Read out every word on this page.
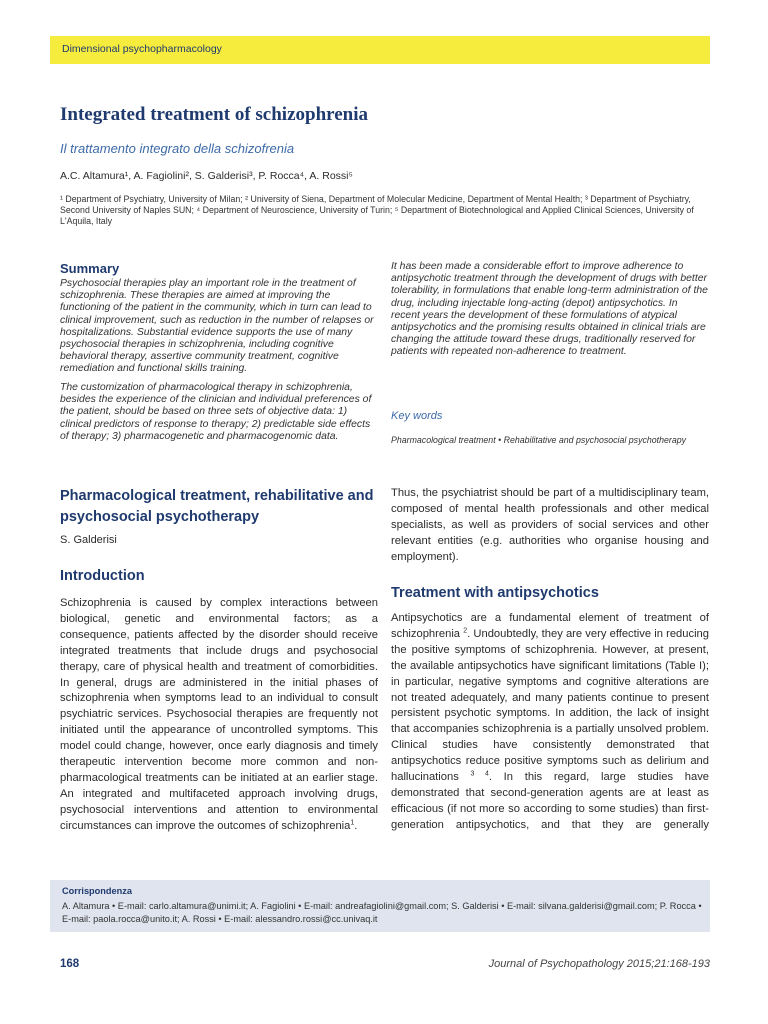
Dimensional psychopharmacology
Integrated treatment of schizophrenia
Il trattamento integrato della schizofrenia
A.C. Altamura¹, A. Fagiolini², S. Galderisi³, P. Rocca⁴, A. Rossi⁵
¹ Department of Psychiatry, University of Milan; ² University of Siena, Department of Molecular Medicine, Department of Mental Health; ³ Department of Psychiatry, Second University of Naples SUN; ⁴ Department of Neuroscience, University of Turin; ⁵ Department of Biotechnological and Applied Clinical Sciences, University of L'Aquila, Italy
Summary

Psychosocial therapies play an important role in the treatment of schizophrenia. These therapies are aimed at improving the functioning of the patient in the community, which in turn can lead to clinical improvement, such as reduction in the number of relapses or hospitalizations. Substantial evidence supports the use of many psychosocial therapies in schizophrenia, including cognitive behavioral therapy, assertive community treatment, cognitive remediation and functional skills training.

The customization of pharmacological therapy in schizophrenia, besides the experience of the clinician and individual preferences of the patient, should be based on three sets of objective data: 1) clinical predictors of response to therapy; 2) predictable side effects of therapy; 3) pharmacogenetic and pharmacogenomic data.

It has been made a considerable effort to improve adherence to antipsychotic treatment through the development of drugs with better tolerability, in formulations that enable long-term administration of the drug, including injectable long-acting (depot) antipsychotics. In recent years the development of these formulations of atypical antipsychotics and the promising results obtained in clinical trials are changing the attitude toward these drugs, traditionally reserved for patients with repeated non-adherence to treatment.

Key words
Pharmacological treatment • Rehabilitative and psychosocial psychotherapy
Pharmacological treatment, rehabilitative and psychosocial psychotherapy
S. Galderisi
Introduction

Schizophrenia is caused by complex interactions between biological, genetic and environmental factors; as a consequence, patients affected by the disorder should receive integrated treatments that include drugs and psychosocial therapy, care of physical health and treatment of comorbidities. In general, drugs are administered in the initial phases of schizophrenia when symptoms lead to an individual to consult psychiatric services. Psychosocial therapies are frequently not initiated until the appearance of uncontrolled symptoms. This model could change, however, once early diagnosis and timely therapeutic intervention become more common and non-pharmacological treatments can be initiated at an earlier stage. An integrated and multifaceted approach involving drugs, psychosocial interventions and attention to environmental circumstances can improve the outcomes of schizophrenia$^1$.

Thus, the psychiatrist should be part of a multidisciplinary team, composed of mental health professionals and other medical specialists, as well as providers of social services and other relevant entities (e.g. authorities who organise housing and employment).

Treatment with antipsychotics

Antipsychotics are a fundamental element of treatment of schizophrenia $^2$. Undoubtedly, they are very effective in reducing the positive symptoms of schizophrenia. However, at present, the available antipsychotics have significant limitations (Table I); in particular, negative symptoms and cognitive alterations are not treated adequately, and many patients continue to present persistent psychotic symptoms. In addition, the lack of insight that accompanies schizophrenia is a partially unsolved problem. Clinical studies have consistently demonstrated that antipsychotics reduce positive symptoms such as delirium and hallucinations $^{3 4}$. In this regard, large studies have demonstrated that second-generation agents are at least as efficacious (if not more so according to some studies) than first-generation antipsychotics, and that they are generally

Corrispondenza
A. Altamura • E-mail: carlo.altamura@unimi.it; A. Fagiolini • E-mail: andreafagiolini@gmail.com; S. Galderisi • E-mail: silvana.galderisi@gmail.com; P. Rocca • E-mail: paola.rocca@unito.it; A. Rossi • E-mail: alessandro.rossi@cc.univaq.it
168	Journal of Psychopathology 2015;21:168-193
